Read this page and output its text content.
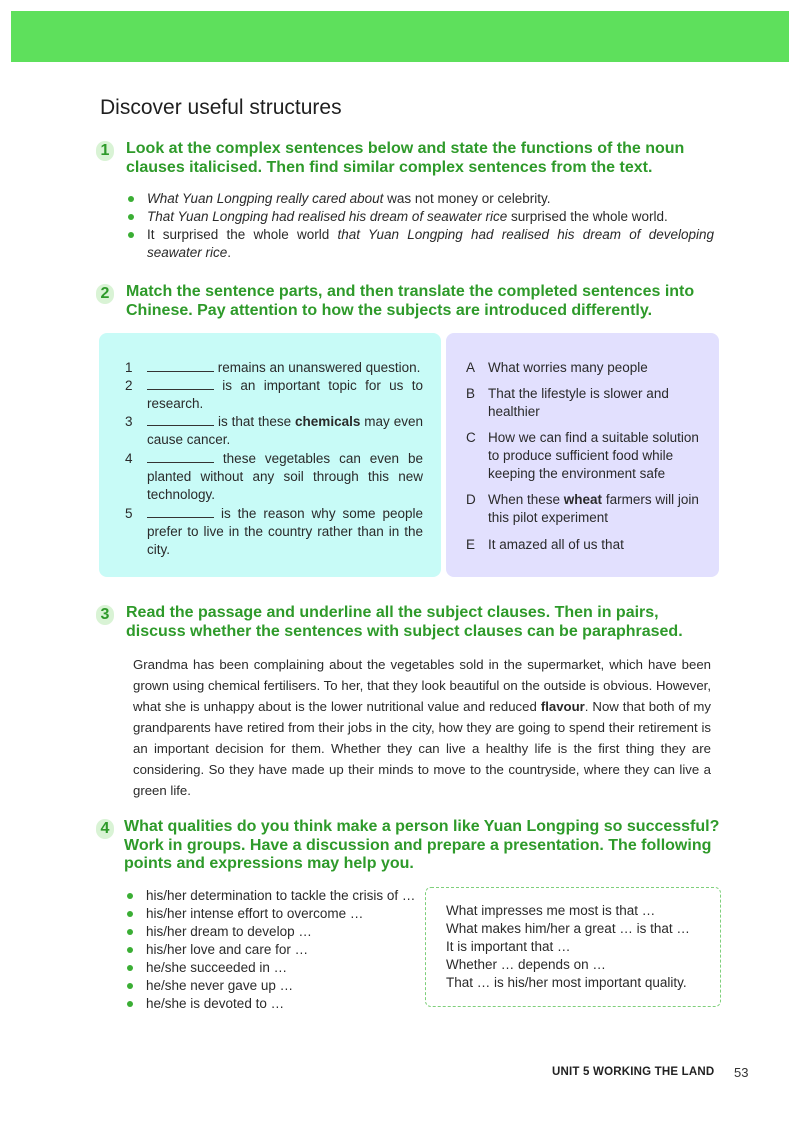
Discover useful structures
1 Look at the complex sentences below and state the functions of the noun
clauses italicised. Then find similar complex sentences from the text.
What Yuan Longping really cared about was not money or celebrity.
That Yuan Longping had realised his dream of seawater rice surprised the whole world.
It surprised the whole world that Yuan Longping had realised his dream of developing seawater rice.
2 Match the sentence parts, and then translate the completed sentences into
Chinese. Pay attention to how the subjects are introduced differently.
1	remains an unanswered question.
2	is an important topic for us to research.
3	is that these chemicals may even cause cancer.
4	these vegetables can even be planted without any soil through this new technology.
5	is the reason why some people prefer to live in the country rather than in the city.
A What worries many people
B That the lifestyle is slower and healthier
C How we can find a suitable solution to produce sufficient food while keeping the environment safe
D When these wheat farmers will join this pilot experiment
E It amazed all of us that
3 Read the passage and underline all the subject clauses. Then in pairs,
discuss whether the sentences with subject clauses can be paraphrased.

Grandma has been complaining about the vegetables sold in the supermarket, which have been grown using chemical fertilisers. To her, that they look beautiful on the outside is obvious. However, what she is unhappy about is the lower nutritional value and reduced flavour. Now that both of my grandparents have retired from their jobs in the city, how they are going to spend their retirement is an important decision for them. Whether they can live a healthy life is the first thing they are considering. So they have made up their minds to move to the countryside, where they can live a green life.

4 What qualities do you think make a person like Yuan Longping so successful?
Work in groups. Have a discussion and prepare a presentation. The following
points and expressions may help you.
his/her determination to tackle the crisis of …
his/her intense effort to overcome …
his/her dream to develop …
his/her love and care for …
he/she succeeded in …
he/she never gave up …
he/she is devoted to …
What impresses me most is that …
What makes him/her a great … is that …
It is important that …
Whether … depends on …
That … is his/her most important quality.
UNIT 5 WORKING THE LAND 53
